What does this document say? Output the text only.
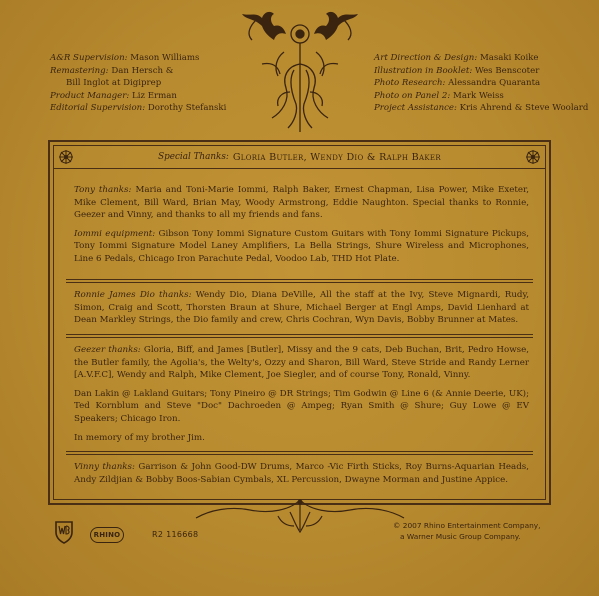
A&R Supervision: Mason Williams
Remastering: Dan Hersch &
Bill Inglot at Digiprep
Product Manager: Liz Erman
Editorial Supervision: Dorothy Stefanski
Art Direction & Design: Masaki Koike
Illustration in Booklet: Wes Benscoter
Photo Research: Alessandra Quaranta
Photo on Panel 2: Mark Weiss
Project Assistance: Kris Ahrend & Steve Woolard
Special Thanks: Gloria Butler, Wendy Dio & Ralph Baker

Tony thanks: Maria and Toni-Marie Iommi, Ralph Baker, Ernest Chapman, Lisa Power, Mike Exeter, Mike Clement, Bill Ward, Brian May, Woody Armstrong, Eddie Naughton. Special thanks to Ronnie, Geezer and Vinny, and thanks to all my friends and fans.

Iommi equipment: Gibson Tony Iommi Signature Custom Guitars with Tony Iommi Signature Pickups, Tony Iommi Signature Model Laney Amplifiers, La Bella Strings, Shure Wireless and Microphones, Line 6 Pedals, Chicago Iron Parachute Pedal, Voodoo Lab, THD Hot Plate.

Ronnie James Dio thanks: Wendy Dio, Diana DeVille, All the staff at the Ivy, Steve Mignardi, Rudy, Simon, Craig and Scott, Thorsten Braun at Shure, Michael Berger at Engl Amps, David Lienhard at Dean Markley Strings, the Dio family and crew, Chris Cochran, Wyn Davis, Bobby Brunner at Mates.

Geezer thanks: Gloria, Biff, and James [Butler], Missy and the 9 cats, Deb Buchan, Brit, Pedro Howse, the Butler family, the Agolia's, the Welty's, Ozzy and Sharon, Bill Ward, Steve Stride and Randy Lerner [A.V.F.C], Wendy and Ralph, Mike Clement, Joe Siegler, and of course Tony, Ronald, Vinny.

Dan Lakin @ Lakland Guitars; Tony Pineiro @ DR Strings; Tim Godwin @ Line 6 (& Annie Deerie, UK); Ted Kornblum and Steve "Doc" Dachroeden @ Ampeg; Ryan Smith @ Shure; Guy Lowe @ EV Speakers; Chicago Iron.

In memory of my brother Jim.

Vinny thanks: Garrison & John Good-DW Drums, Marco -Vic Firth Sticks, Roy Burns-Aquarian Heads, Andy Zildjian & Bobby Boos-Sabian Cymbals, XL Percussion, Dwayne Morman and Justine Appice.

RHINO	R2 116668
© 2007 Rhino Entertainment Company,
a Warner Music Group Company.
